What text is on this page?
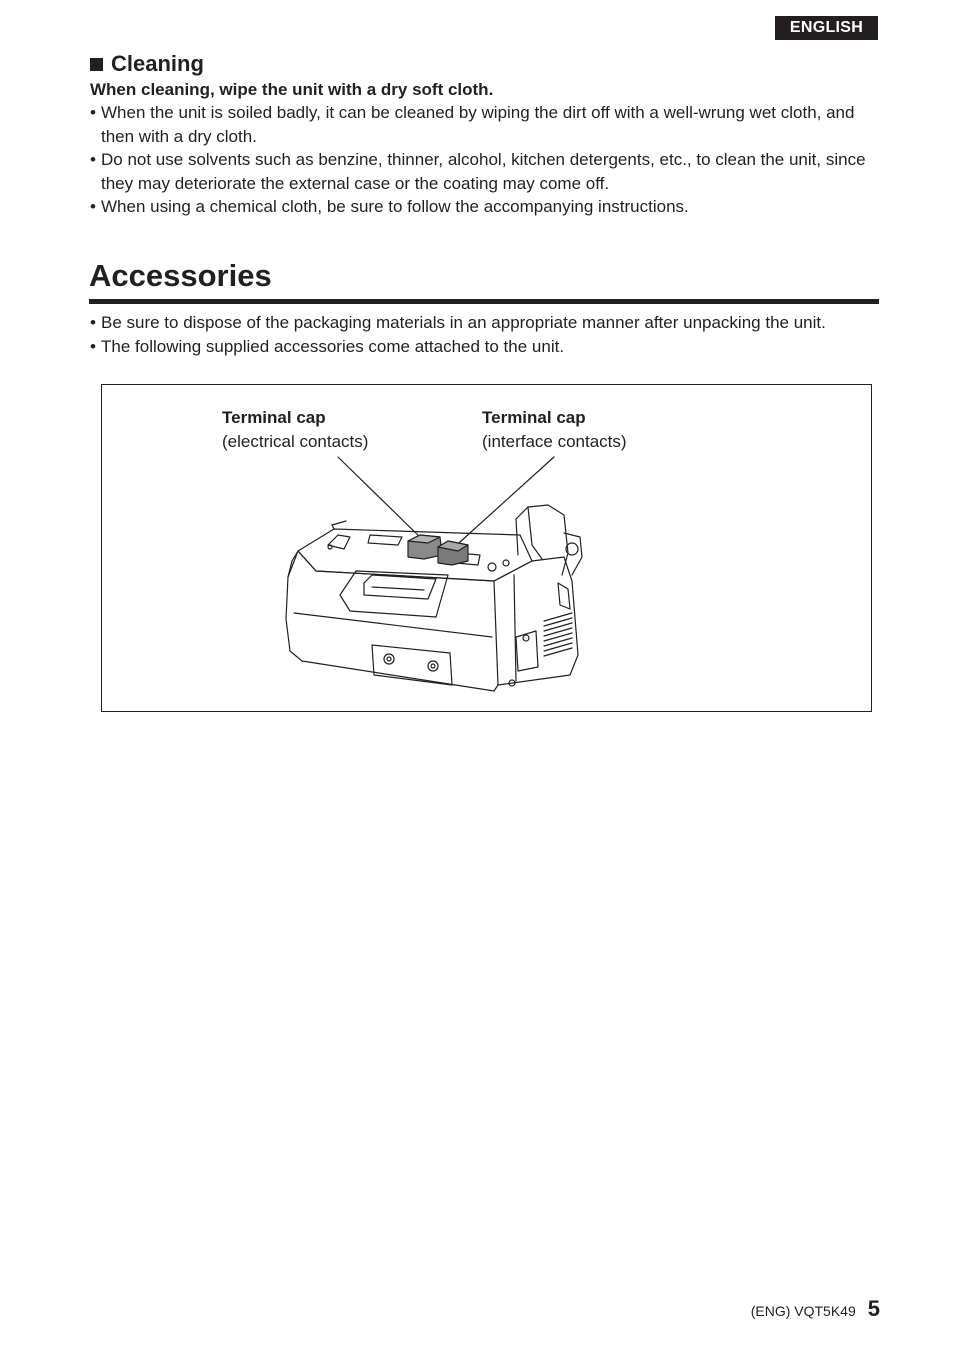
ENGLISH
Cleaning
When cleaning, wipe the unit with a dry soft cloth.
• When the unit is soiled badly, it can be cleaned by wiping the dirt off with a well-wrung wet cloth, and then with a dry cloth.
• Do not use solvents such as benzine, thinner, alcohol, kitchen detergents, etc., to clean the unit, since they may deteriorate the external case or the coating may come off.
• When using a chemical cloth, be sure to follow the accompanying instructions.
Accessories
• Be sure to dispose of the packaging materials in an appropriate manner after unpacking the unit.
• The following supplied accessories come attached to the unit.
Terminal cap
(electrical contacts)
Terminal cap
(interface contacts)
(ENG) VQT5K49 5
